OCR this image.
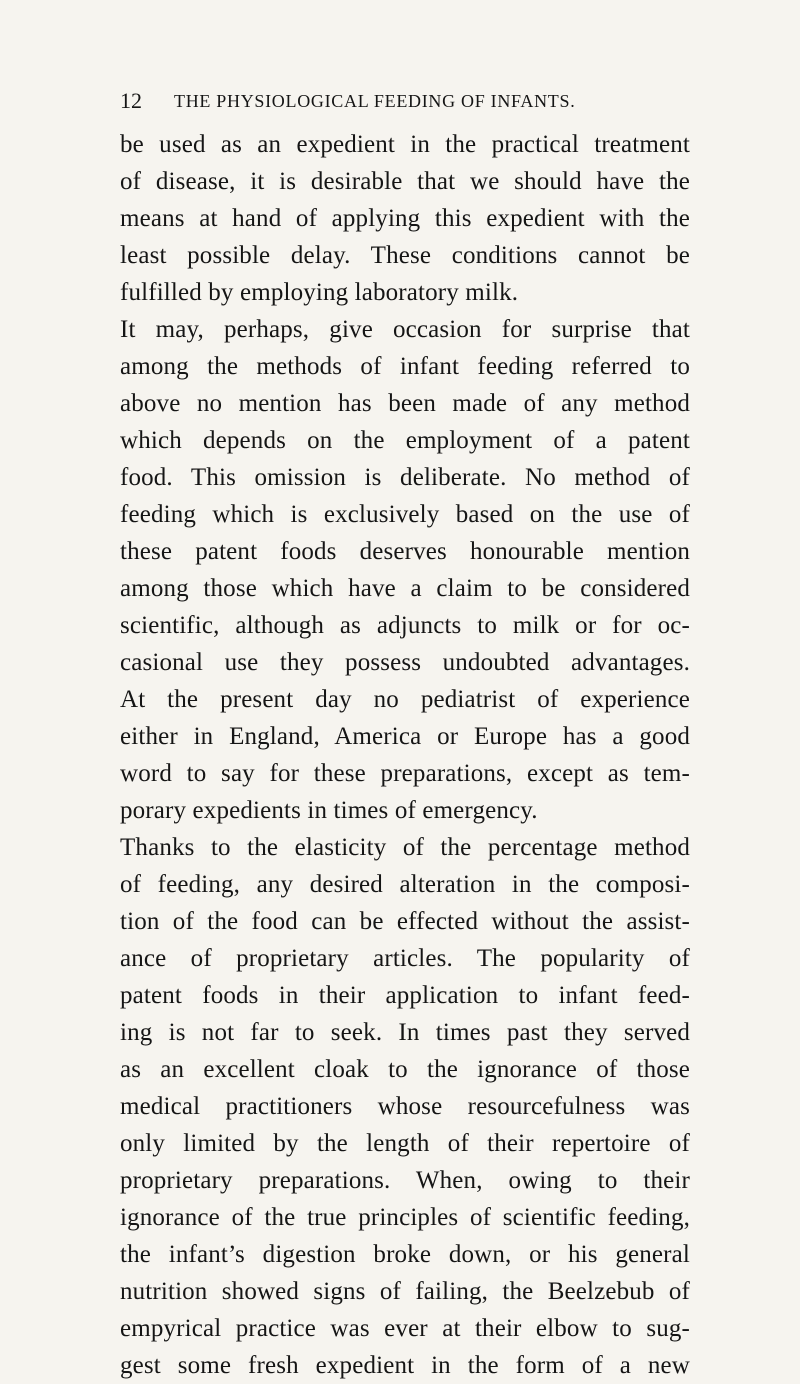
12 THE PHYSIOLOGICAL FEEDING OF INFANTS.
be used as an expedient in the practical treatment
of disease, it is desirable that we should have the
means at hand of applying this expedient with the
least possible delay. These conditions cannot be
fulfilled by employing laboratory milk.
It may, perhaps, give occasion for surprise that
among the methods of infant feeding referred to
above no mention has been made of any method
which depends on the employment of a patent
food. This omission is deliberate. No method of
feeding which is exclusively based on the use of
these patent foods deserves honourable mention
among those which have a claim to be considered
scientific, although as adjuncts to milk or for oc-
casional use they possess undoubted advantages.
At the present day no pediatrist of experience
either in England, America or Europe has a good
word to say for these preparations, except as tem-
porary expedients in times of emergency.
Thanks to the elasticity of the percentage method
of feeding, any desired alteration in the composi-
tion of the food can be effected without the assist-
ance of proprietary articles. The popularity of
patent foods in their application to infant feed-
ing is not far to seek. In times past they served
as an excellent cloak to the ignorance of those
medical practitioners whose resourcefulness was
only limited by the length of their repertoire of
proprietary preparations. When, owing to their
ignorance of the true principles of scientific feeding,
the infant’s digestion broke down, or his general
nutrition showed signs of failing, the Beelzebub of
empyrical practice was ever at their elbow to sug-
gest some fresh expedient in the form of a new
